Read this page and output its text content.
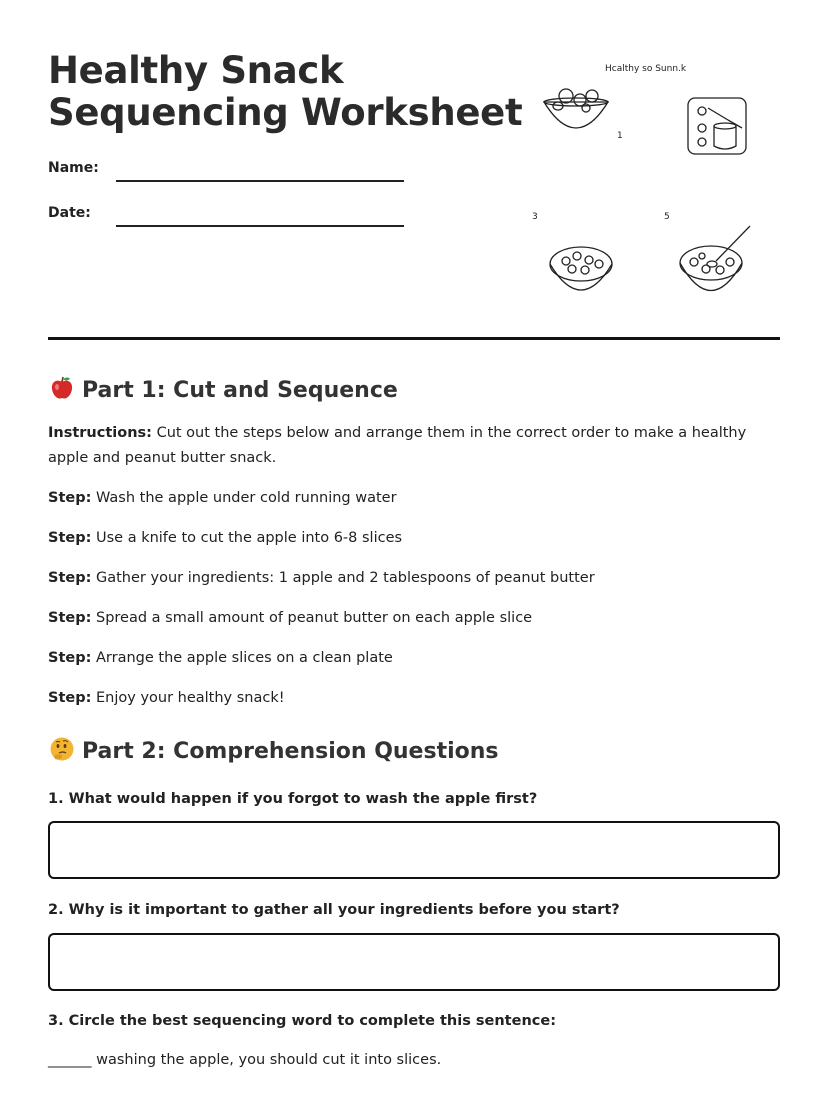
Healthy Snack
Sequencing Worksheet
Name:
Date:
Hcalthy so Sunn.k
1
3	5
Part 1: Cut and Sequence
Instructions: Cut out the steps below and arrange them in the correct order to make a healthy apple and peanut butter snack.
Step: Wash the apple under cold running water
Step: Use a knife to cut the apple into 6-8 slices
Step: Gather your ingredients: 1 apple and 2 tablespoons of peanut butter
Step: Spread a small amount of peanut butter on each apple slice
Step: Arrange the apple slices on a clean plate
Step: Enjoy your healthy snack!
Part 2: Comprehension Questions
1. What would happen if you forgot to wash the apple first?
2. Why is it important to gather all your ingredients before you start?
3. Circle the best sequencing word to complete this sentence:
______ washing the apple, you should cut it into slices.
